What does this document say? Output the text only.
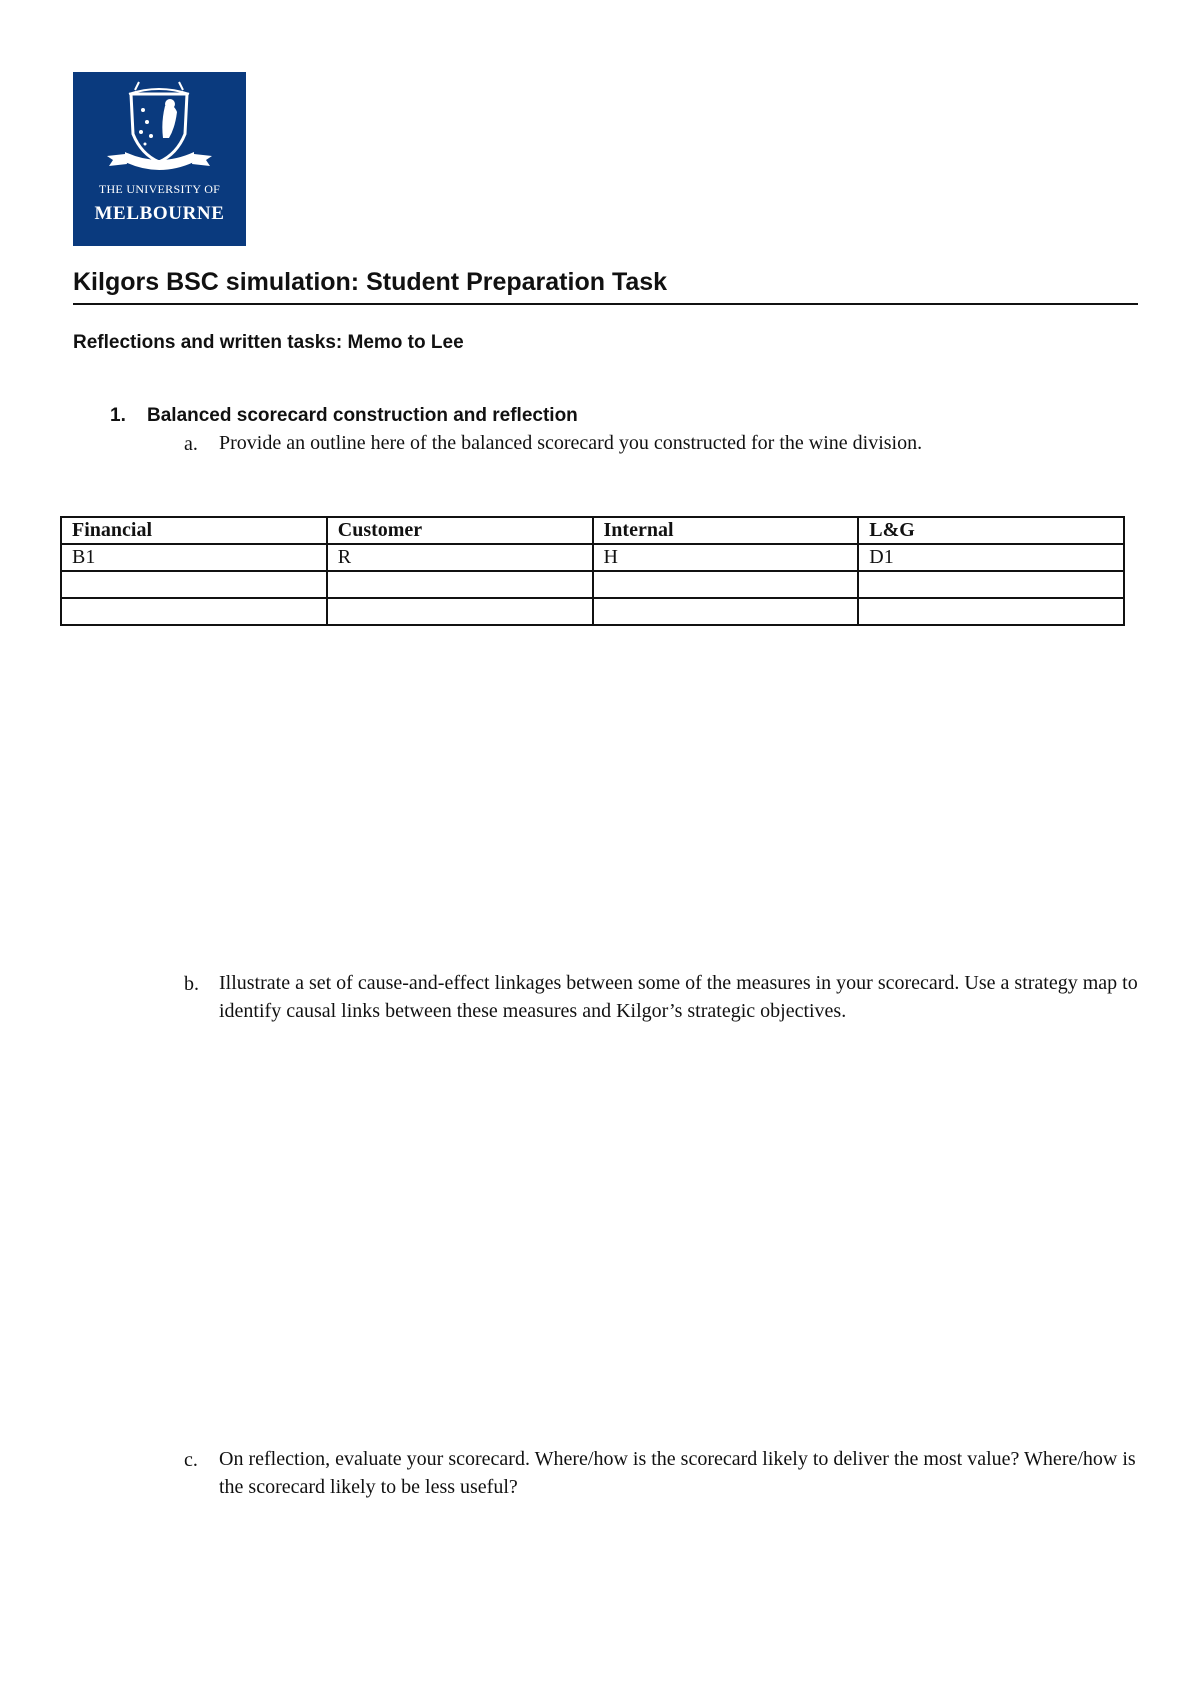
THE UNIVERSITY OF
MELBOURNE
Kilgors BSC simulation: Student Preparation Task
Reflections and written tasks: Memo to Lee
1. Balanced scorecard construction and reflection
a. Provide an outline here of the balanced scorecard you constructed for the wine division.
Financial	Customer	Internal	L&G
B1	R	H	D1

b. Illustrate a set of cause-and-effect linkages between some of the measures in your scorecard. Use a strategy map to identify causal links between these measures and Kilgor’s strategic objectives.
c. On reflection, evaluate your scorecard. Where/how is the scorecard likely to deliver the most value? Where/how is the scorecard likely to be less useful?
